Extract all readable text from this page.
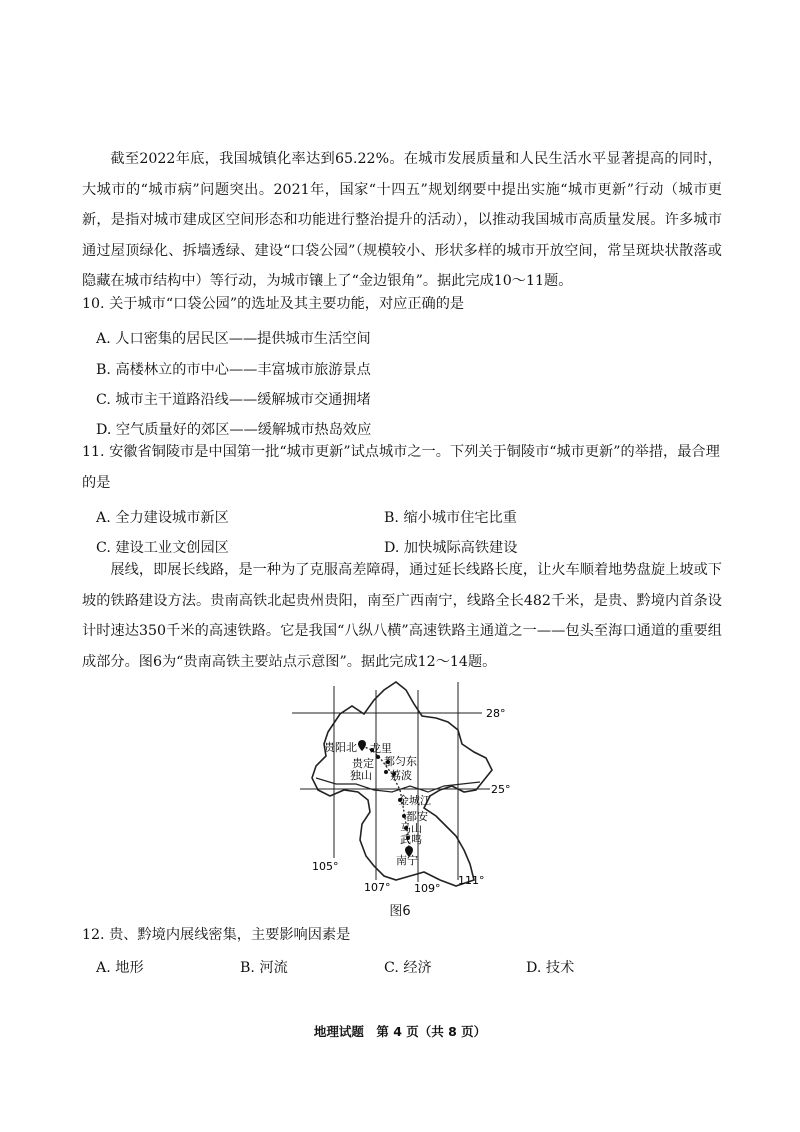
截至2022年底，我国城镇化率达到65.22%。在城市发展质量和人民生活水平显著提高的同时，大城市的“城市病”问题突出。2021年，国家“十四五”规划纲要中提出实施“城市更新”行动（城市更新，是指对城市建成区空间形态和功能进行整治提升的活动），以推动我国城市高质量发展。许多城市通过屋顶绿化、拆墙透绿、建设“口袋公园”（规模较小、形状多样的城市开放空间，常呈斑块状散落或隐藏在城市结构中）等行动，为城市镶上了“金边银角”。据此完成10～11题。

10. 关于城市“口袋公园”的选址及其主要功能，对应正确的是

A. 人口密集的居民区——提供城市生活空间
B. 高楼林立的市中心——丰富城市旅游景点
C. 城市主干道路沿线——缓解城市交通拥堵
D. 空气质量好的郊区——缓解城市热岛效应

11. 安徽省铜陵市是中国第一批“城市更新”试点城市之一。下列关于铜陵市“城市更新”的举措，最合理的是

A. 全力建设城市新区	B. 缩小城市住宅比重
C. 建设工业文创园区	D. 加快城际高铁建设

展线，即展长线路，是一种为了克服高差障碍，通过延长线路长度，让火车顺着地势盘旋上坡或下坡的铁路建设方法。贵南高铁北起贵州贵阳，南至广西南宁，线路全长482千米，是贵、黔境内首条设计时速达350千米的高速铁路。它是我国“八纵八横”高速铁路主通道之一——包头至海口通道的重要组成部分。图6为“贵南高铁主要站点示意图”。据此完成12～14题。

贵阳北 龙里
贵定 都匀东
独山 荔波
金城江
都安
马山
武鸣
南宁
28°
25°
105°
107° 109°
111°
图6

12. 贵、黔境内展线密集，主要影响因素是

A. 地形	B. 河流	C. 经济	D. 技术
地理试题　第 4 页（共 8 页）
